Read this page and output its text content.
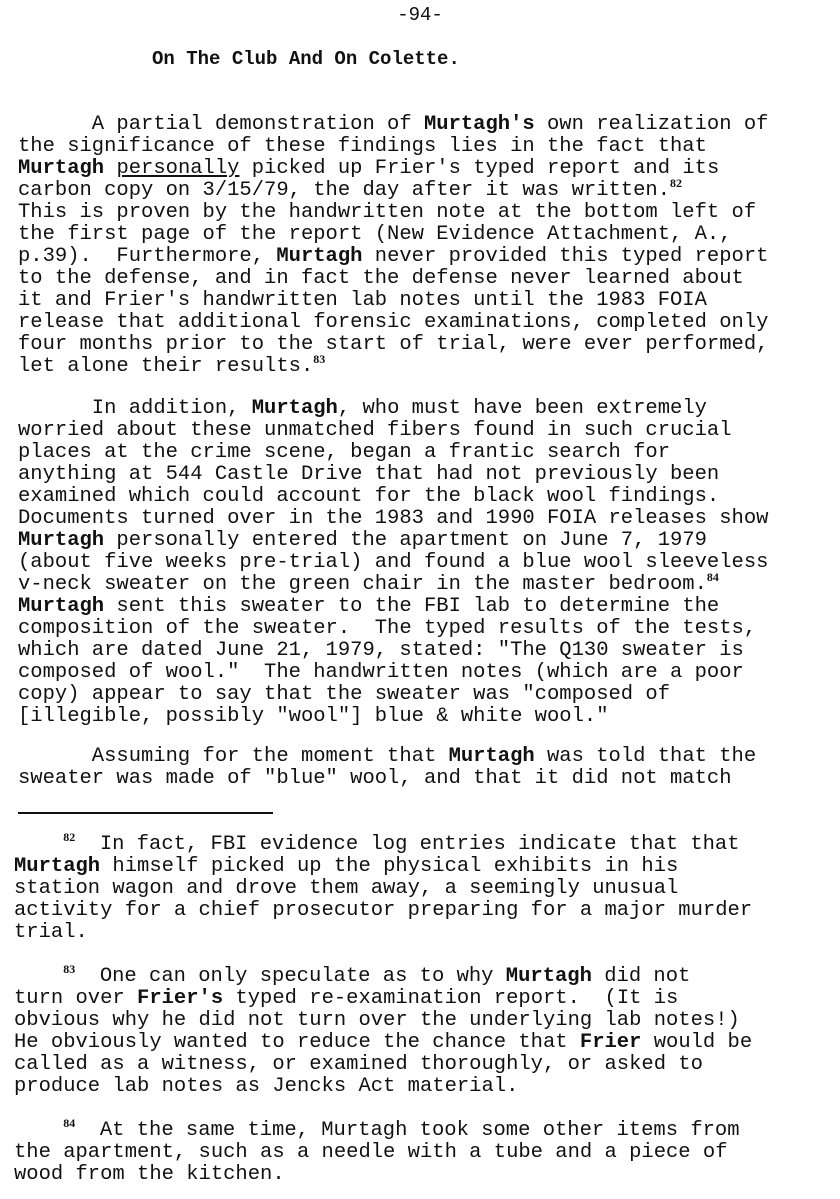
-94-
On The Club And On Colette.
A partial demonstration of Murtagh's own realization of
the significance of these findings lies in the fact that
Murtagh personally picked up Frier's typed report and its
carbon copy on 3/15/79, the day after it was written.$^{82}$
This is proven by the handwritten note at the bottom left of
the first page of the report (New Evidence Attachment, A.,
p.39).  Furthermore, Murtagh never provided this typed report
to the defense, and in fact the defense never learned about
it and Frier's handwritten lab notes until the 1983 FOIA
release that additional forensic examinations, completed only
four months prior to the start of trial, were ever performed,
let alone their results.$^{83}$
In addition, Murtagh, who must have been extremely
worried about these unmatched fibers found in such crucial
places at the crime scene, began a frantic search for
anything at 544 Castle Drive that had not previously been
examined which could account for the black wool findings.
Documents turned over in the 1983 and 1990 FOIA releases show
Murtagh personally entered the apartment on June 7, 1979
(about five weeks pre-trial) and found a blue wool sleeveless
v-neck sweater on the green chair in the master bedroom.$^{84}$
Murtagh sent this sweater to the FBI lab to determine the
composition of the sweater.  The typed results of the tests,
which are dated June 21, 1979, stated: "The Q130 sweater is
composed of wool."  The handwritten notes (which are a poor
copy) appear to say that the sweater was "composed of
[illegible, possibly "wool"] blue & white wool."
Assuming for the moment that Murtagh was told that the
sweater was made of "blue" wool, and that it did not match
$^{82}$  In fact, FBI evidence log entries indicate that that
Murtagh himself picked up the physical exhibits in his
station wagon and drove them away, a seemingly unusual
activity for a chief prosecutor preparing for a major murder
trial.
$^{83}$  One can only speculate as to why Murtagh did not
turn over Frier's typed re-examination report.  (It is
obvious why he did not turn over the underlying lab notes!)
He obviously wanted to reduce the chance that Frier would be
called as a witness, or examined thoroughly, or asked to
produce lab notes as Jencks Act material.
$^{84}$  At the same time, Murtagh took some other items from
the apartment, such as a needle with a tube and a piece of
wood from the kitchen.
